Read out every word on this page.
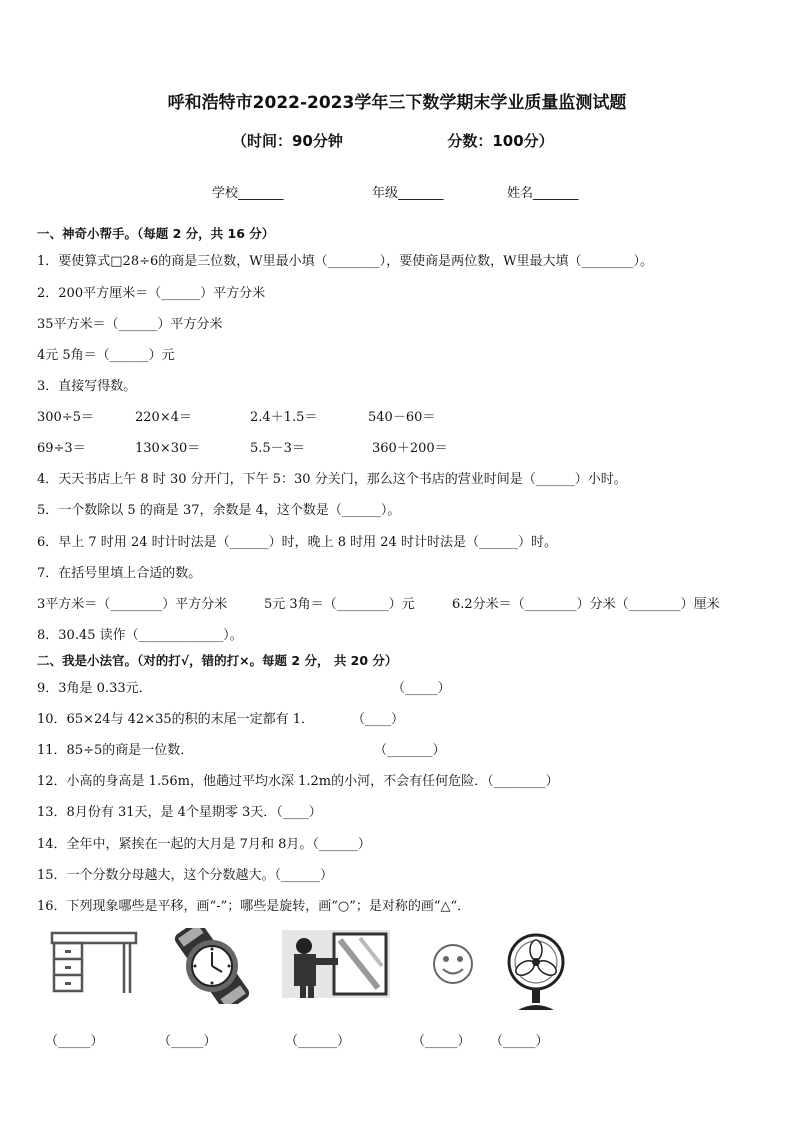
呼和浩特市2022-2023学年三下数学期末学业质量监测试题
（时间：90分钟                    分数：100分）
学校_______	年级_______	姓名_______
一、神奇小帮手。（每题 2 分，共 16 分）
1．要使算式□28÷6的商是三位数，W里最小填（________），要使商是两位数，W里最大填（________）。
2．200平方厘米＝（______）平方分米
35平方米＝（______）平方分米
4元 5角＝（______）元
3．直接写得数。
300÷5＝	220×4＝	2.4＋1.5＝	540－60＝
69÷3＝	130×30＝	5.5－3＝	360＋200＝
4．天天书店上午 8 时 30 分开门，下午 5：30 分关门，那么这个书店的营业时间是（______）小时。
5．一个数除以 5 的商是 37，余数是 4，这个数是（______）。
6．早上 7 时用 24 时计时法是（______）时，晚上 8 时用 24 时计时法是（______）时。
7．在括号里填上合适的数。
3平方米＝（________）平方分米	5元 3角＝（________）元	6.2分米＝（________）分米（________）厘米
8．30.45 读作（_____________）。
二、我是小法官。（对的打√，错的打×。每题 2 分， 共 20 分）
9．3角是 0.33元．	（_____）
10．65×24与 42×35的积的末尾一定都有 1．	（____）
11．85÷5的商是一位数．	（_______）
12．小高的身高是 1.56m，他趟过平均水深 1.2m的小河，不会有任何危险．（________）
13．8月份有 31天，是 4个星期零 3天．（____）
14．全年中，紧挨在一起的大月是 7月和 8月。（______）
15．一个分数分母越大，这个分数越大。（______）
16．下列现象哪些是平移，画“-”；哪些是旋转，画“○”；是对称的画“△“．
（_____）	（_____）	（______）	（_____） （_____）
